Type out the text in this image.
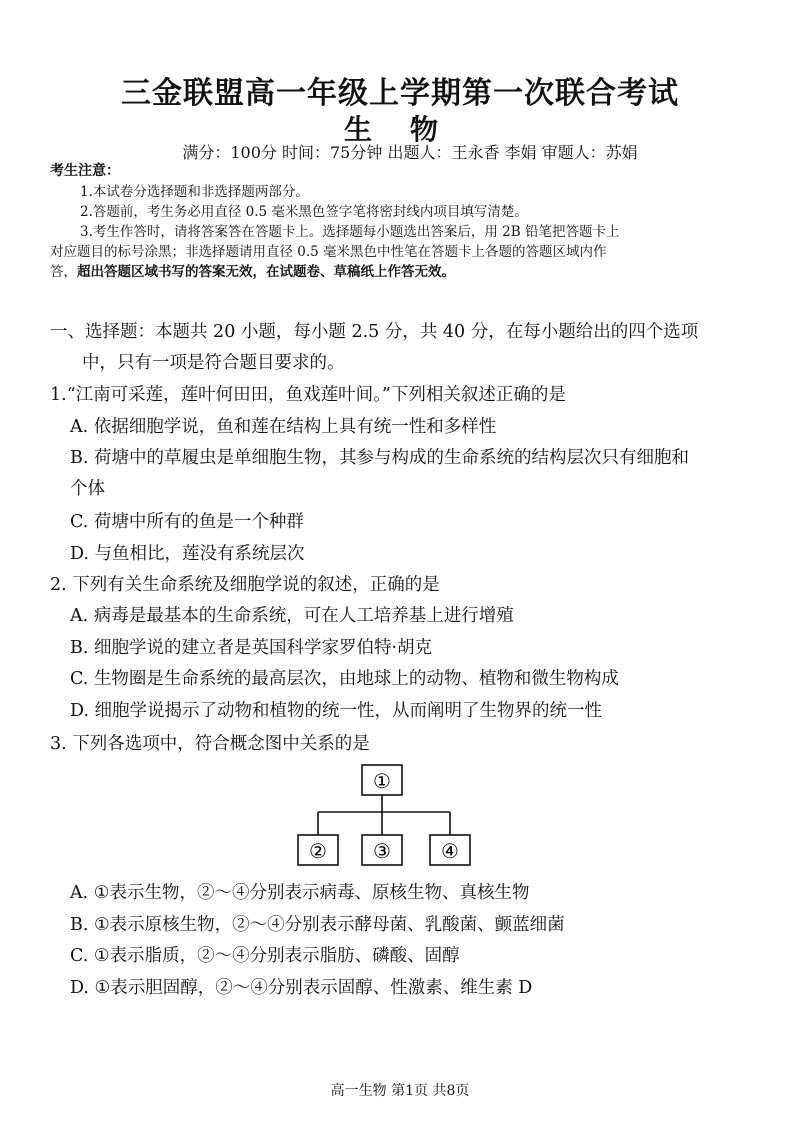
三金联盟高一年级上学期第一次联合考试
生物
满分：100分 时间：75分钟 出题人：王永香 李娟 审题人：苏娟
考生注意：
1.本试卷分选择题和非选择题两部分。
2.答题前，考生务必用直径 0.5 毫米黑色签字笔将密封线内项目填写清楚。
3.考生作答时，请将答案答在答题卡上。选择题每小题选出答案后，用 2B 铅笔把答题卡上
对应题目的标号涂黑；非选择题请用直径 0.5 毫米黑色中性笔在答题卡上各题的答题区域内作
答，超出答题区域书写的答案无效，在试题卷、草稿纸上作答无效。
一、选择题：本题共 20 小题，每小题 2.5 分，共 40 分，在每小题给出的四个选项
中，只有一项是符合题目要求的。
1.“江南可采莲，莲叶何田田，鱼戏莲叶间。”下列相关叙述正确的是
A. 依据细胞学说，鱼和莲在结构上具有统一性和多样性
B. 荷塘中的草履虫是单细胞生物，其参与构成的生命系统的结构层次只有细胞和
个体
C. 荷塘中所有的鱼是一个种群
D. 与鱼相比，莲没有系统层次
2. 下列有关生命系统及细胞学说的叙述，正确的是
A. 病毒是最基本的生命系统，可在人工培养基上进行增殖
B. 细胞学说的建立者是英国科学家罗伯特·胡克
C. 生物圈是生命系统的最高层次，由地球上的动物、植物和微生物构成
D. 细胞学说揭示了动物和植物的统一性，从而阐明了生物界的统一性
3. 下列各选项中，符合概念图中关系的是
①
② ③	④
A. ①表示生物，②～④分别表示病毒、原核生物、真核生物
B. ①表示原核生物，②～④分别表示酵母菌、乳酸菌、颤蓝细菌
C. ①表示脂质，②～④分别表示脂肪、磷酸、固醇
D. ①表示胆固醇，②～④分别表示固醇、性激素、维生素 D
高一生物 第1页 共8页
